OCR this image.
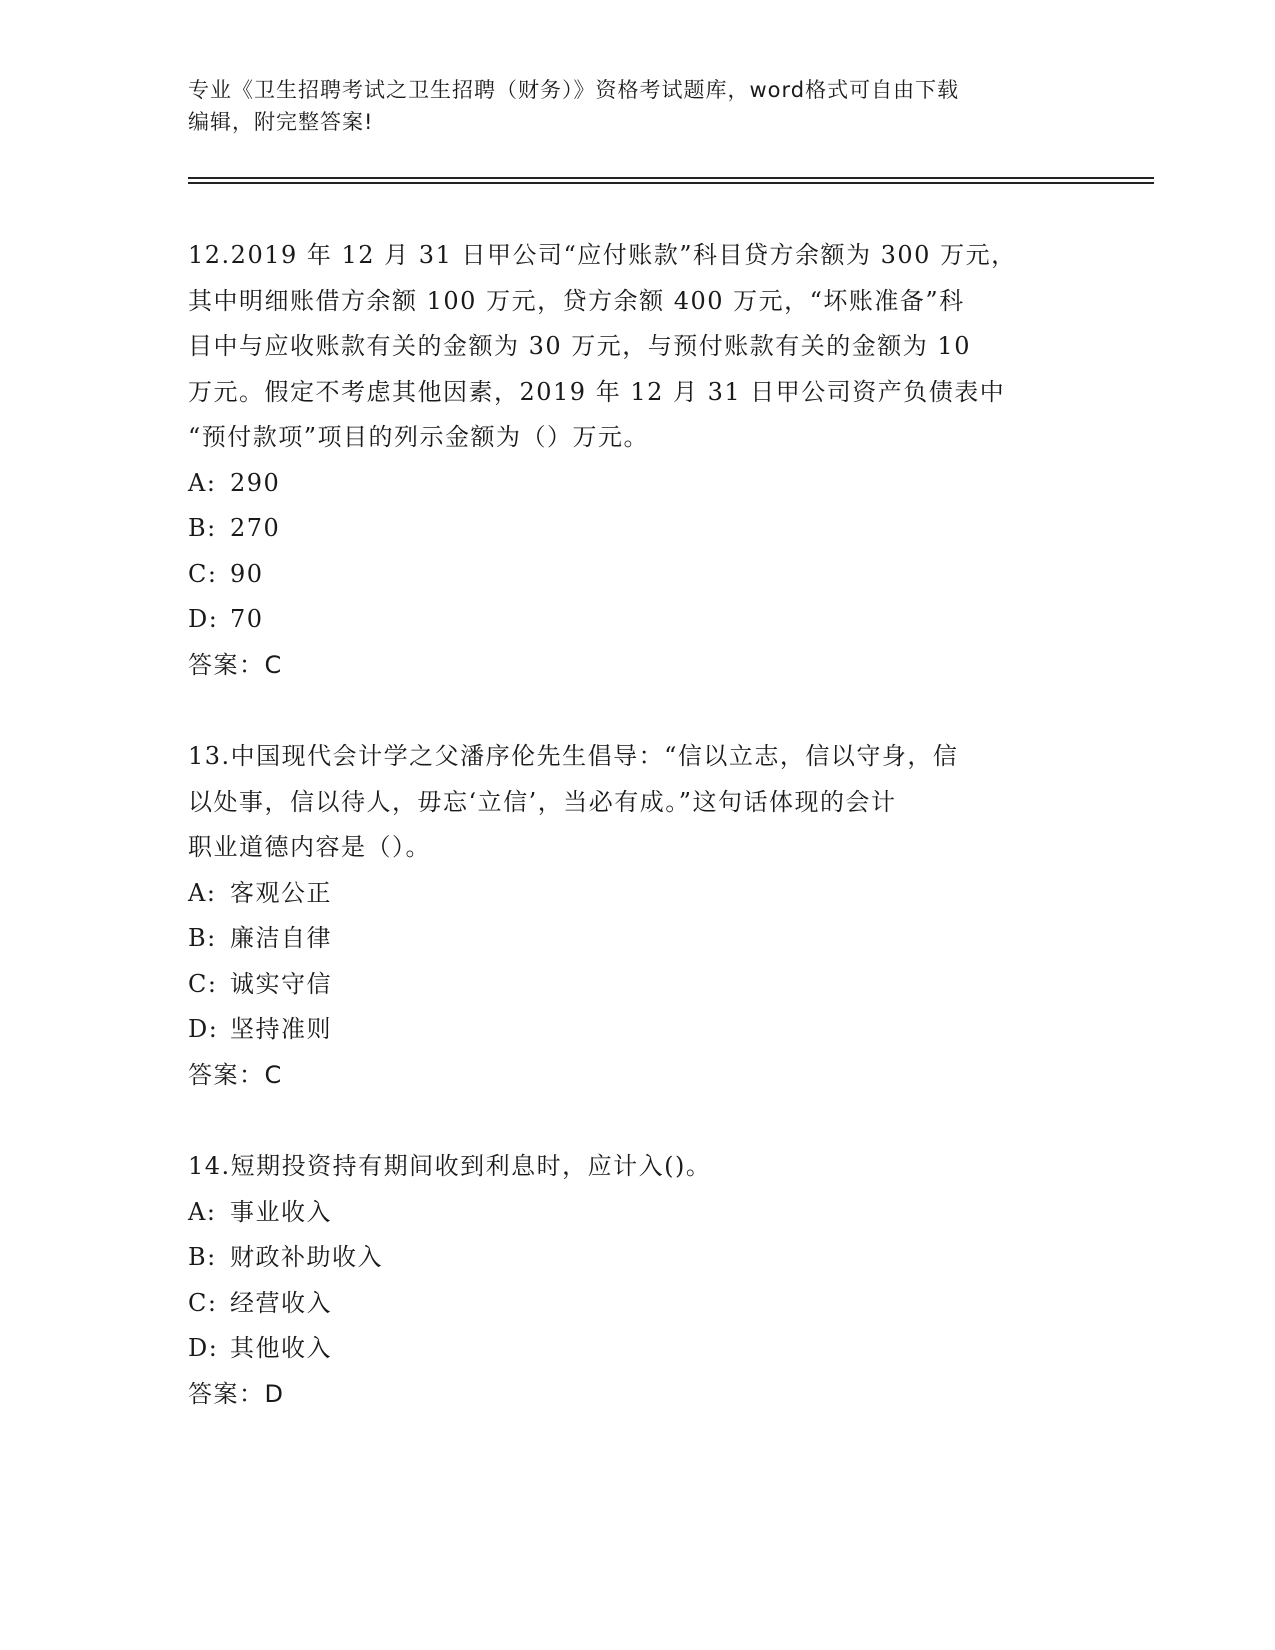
专业《卫生招聘考试之卫生招聘（财务）》资格考试题库，word格式可自由下载
编辑，附完整答案!
12.2019 年 12 月 31 日甲公司“应付账款”科目贷方余额为 300 万元，
其中明细账借方余额 100 万元，贷方余额 400 万元，“坏账准备”科
目中与应收账款有关的金额为 30 万元，与预付账款有关的金额为 10
万元。假定不考虑其他因素，2019 年 12 月 31 日甲公司资产负债表中
“预付款项”项目的列示金额为（）万元。
A: 290
B: 270
C: 90
D: 70
答案：C
13.中国现代会计学之父潘序伦先生倡导：“信以立志，信以守身，信
以处事，信以待人，毋忘‘立信’，当必有成。”这句话体现的会计
职业道德内容是（）。
A: 客观公正
B: 廉洁自律
C: 诚实守信
D: 坚持准则
答案：C
14.短期投资持有期间收到利息时，应计入()。
A: 事业收入
B: 财政补助收入
C: 经营收入
D: 其他收入
答案：D
